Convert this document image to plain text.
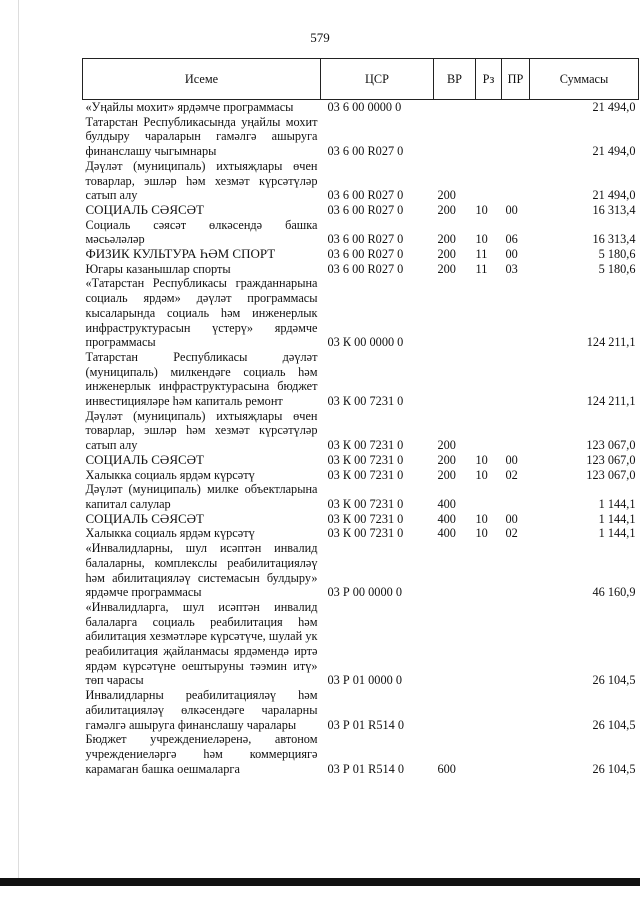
579
Исеме	ЦСР	ВР	Рз	ПР	Суммасы
«Уңайлы мохит» ярдәмче программасы	03 6 00 0000 0				21 494,0
Татарстан Республикасында уңайлы мохит булдыру чараларын гамәлгә ашыруга финанслашу чыгымнары	03 6 00 R027 0				21 494,0
Дәүләт (муниципаль) ихтыяҗлары өчен товарлар, эшләр һәм хезмәт күрсәтүләр сатып алу	03 6 00 R027 0	200			21 494,0
СОЦИАЛЬ СӘЯСӘТ	03 6 00 R027 0	200	10	00	16 313,4
Социаль сәясәт өлкәсендә башка мәсьәләләр	03 6 00 R027 0	200	10	06	16 313,4
ФИЗИК КУЛЬТУРА ҺӘМ СПОРТ	03 6 00 R027 0	200	11	00	5 180,6
Югары казанышлар спорты	03 6 00 R027 0	200	11	03	5 180,6
«Татарстан Республикасы гражданнарына социаль ярдәм» дәүләт программасы кысаларында социаль һәм инженерлык инфраструктурасын үстерү» ярдәмче программасы	03 К 00 0000 0				124 211,1
Татарстан Республикасы дәүләт (муниципаль) милкендәге социаль һәм инженерлык инфраструктурасына бюджет инвестицияләре һәм капиталь ремонт	03 К 00 7231 0				124 211,1
Дәүләт (муниципаль) ихтыяҗлары өчен товарлар, эшләр һәм хезмәт күрсәтүләр сатып алу	03 К 00 7231 0	200			123 067,0
СОЦИАЛЬ СӘЯСӘТ	03 К 00 7231 0	200	10	00	123 067,0
Халыкка социаль ярдәм күрсәтү	03 К 00 7231 0	200	10	02	123 067,0
Дәүләт (муниципаль) милке объектларына капитал салулар	03 К 00 7231 0	400			1 144,1
СОЦИАЛЬ СӘЯСӘТ	03 К 00 7231 0	400	10	00	1 144,1
Халыкка социаль ярдәм күрсәтү	03 К 00 7231 0	400	10	02	1 144,1
«Инвалидларны, шул исәптән инвалид балаларны, комплекслы реабилитацияләү һәм абилитацияләү системасын булдыру» ярдәмче программасы	03 Р 00 0000 0				46 160,9
«Инвалидларга, шул исәптән инвалид балаларга социаль реабилитация һәм абилитация хезмәтләре күрсәтүче, шулай ук реабилитация җайланмасы ярдәмендә иртә ярдәм күрсәтүне оештыруны тәэмин итү» төп чарасы	03 Р 01 0000 0				26 104,5
Инвалидларны реабилитацияләү һәм абилитацияләү өлкәсендәге чараларны гамәлгә ашыруга финанслашу чаралары	03 Р 01 R514 0				26 104,5
Бюджет учреждениеләренә, автоном учреждениеләргә һәм коммерциягә карамаган башка оешмаларга	03 Р 01 R514 0	600			26 104,5
